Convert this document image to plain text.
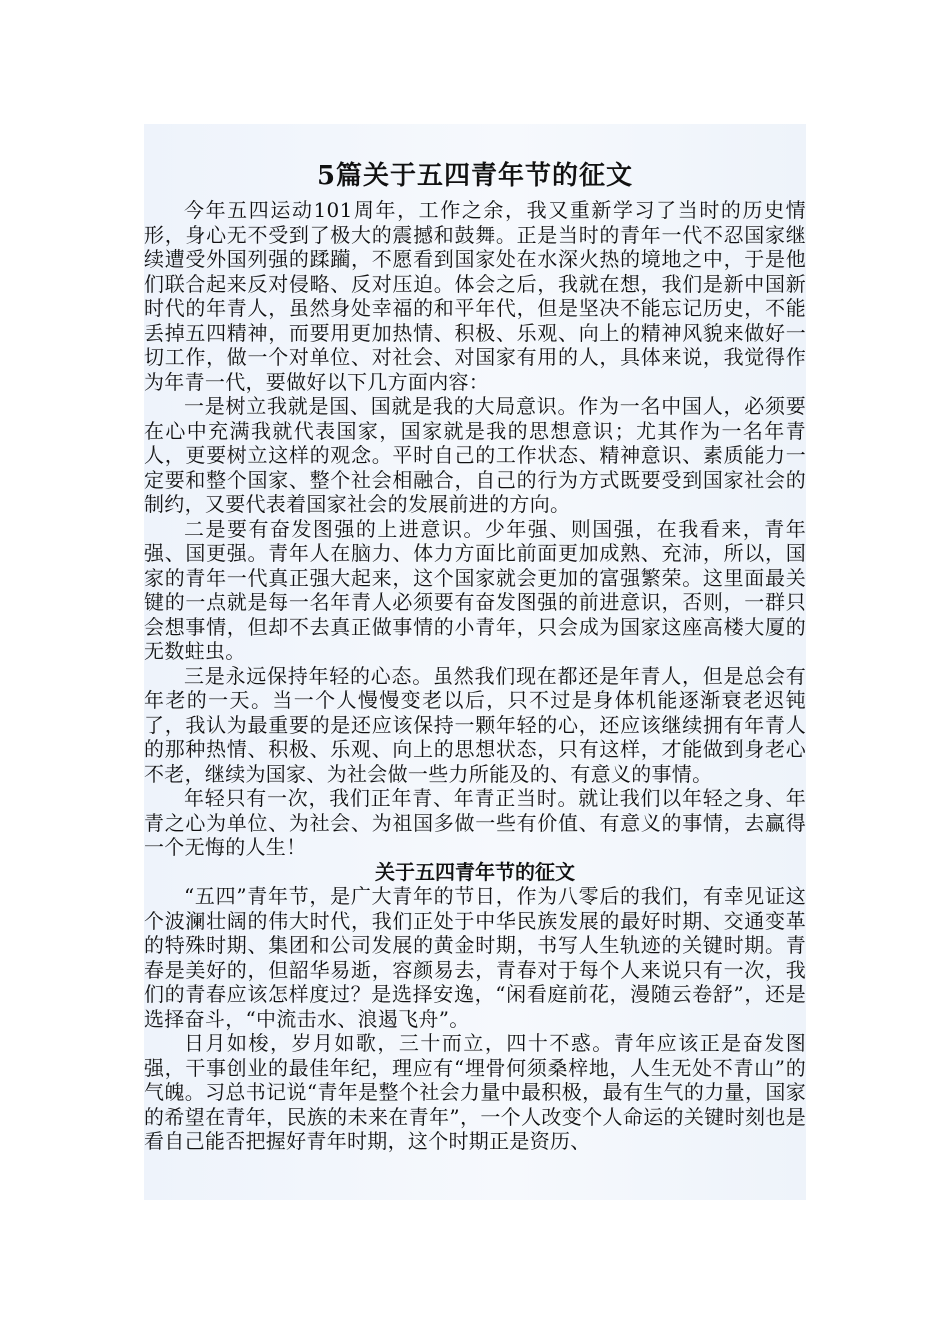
5篇关于五四青年节的征文

今年五四运动101周年，工作之余，我又重新学习了当时的历史情形，身心无不受到了极大的震撼和鼓舞。正是当时的青年一代不忍国家继续遭受外国列强的蹂躏，不愿看到国家处在水深火热的境地之中，于是他们联合起来反对侵略、反对压迫。体会之后，我就在想，我们是新中国新时代的年青人，虽然身处幸福的和平年代，但是坚决不能忘记历史，不能丢掉五四精神，而要用更加热情、积极、乐观、向上的精神风貌来做好一切工作，做一个对单位、对社会、对国家有用的人，具体来说，我觉得作为年青一代，要做好以下几方面内容：

一是树立我就是国、国就是我的大局意识。作为一名中国人，必须要在心中充满我就代表国家，国家就是我的思想意识；尤其作为一名年青人，更要树立这样的观念。平时自己的工作状态、精神意识、素质能力一定要和整个国家、整个社会相融合，自己的行为方式既要受到国家社会的制约，又要代表着国家社会的发展前进的方向。

二是要有奋发图强的上进意识。少年强、则国强，在我看来，青年强、国更强。青年人在脑力、体力方面比前面更加成熟、充沛，所以，国家的青年一代真正强大起来，这个国家就会更加的富强繁荣。这里面最关键的一点就是每一名年青人必须要有奋发图强的前进意识，否则，一群只会想事情，但却不去真正做事情的小青年，只会成为国家这座高楼大厦的无数蛀虫。

三是永远保持年轻的心态。虽然我们现在都还是年青人，但是总会有年老的一天。当一个人慢慢变老以后，只不过是身体机能逐渐衰老迟钝了，我认为最重要的是还应该保持一颗年轻的心，还应该继续拥有年青人的那种热情、积极、乐观、向上的思想状态，只有这样，才能做到身老心不老，继续为国家、为社会做一些力所能及的、有意义的事情。

年轻只有一次，我们正年青、年青正当时。就让我们以年轻之身、年青之心为单位、为社会、为祖国多做一些有价值、有意义的事情，去赢得一个无悔的人生！

关于五四青年节的征文

“五四”青年节，是广大青年的节日，作为八零后的我们，有幸见证这个波澜壮阔的伟大时代，我们正处于中华民族发展的最好时期、交通变革的特殊时期、集团和公司发展的黄金时期，书写人生轨迹的关键时期。青春是美好的，但韶华易逝，容颜易去，青春对于每个人来说只有一次，我们的青春应该怎样度过？是选择安逸，“闲看庭前花，漫随云卷舒”，还是选择奋斗，“中流击水、浪遏飞舟”。

日月如梭，岁月如歌，三十而立，四十不惑。青年应该正是奋发图强，干事创业的最佳年纪，理应有“埋骨何须桑梓地，人生无处不青山”的气魄。习总书记说“青年是整个社会力量中最积极，最有生气的力量，国家的希望在青年，民族的未来在青年”，一个人改变个人命运的关键时刻也是看自己能否把握好青年时期，这个时期正是资历、
